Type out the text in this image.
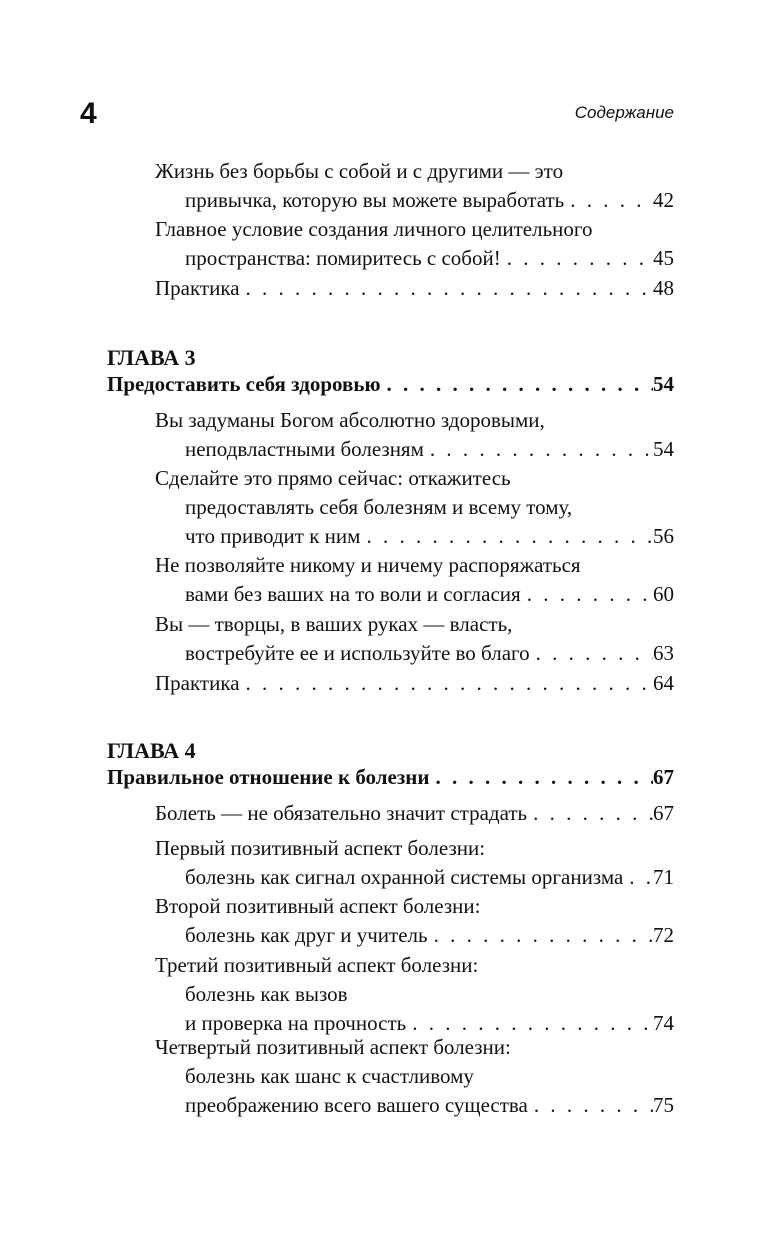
4	Содержание
Жизнь без борьбы с собой и с другими — это
привычка, которую вы можете выработать . . .	42
Главное условие создания личного целительного
пространства: помиритесь с собой! . . .	45
Практика . . .	48
ГЛАВА 3
Предоставить себя здоровью . . .	54
Вы задуманы Богом абсолютно здоровыми,
неподвластными болезням . . .	54
Сделайте это прямо сейчас: откажитесь
предоставлять себя болезням и всему тому,
что приводит к ним . . .	56
Не позволяйте никому и ничему распоряжаться
вами без ваших на то воли и согласия . . .	60
Вы — творцы, в ваших руках — власть,
востребуйте ее и используйте во благо . . .	63
Практика . . .	64
ГЛАВА 4
Правильное отношение к болезни . . .	67
Болеть — не обязательно значит страдать . . .	67
Первый позитивный аспект болезни:
болезнь как сигнал охранной системы организма . . . 71
Второй позитивный аспект болезни:
болезнь как друг и учитель . . .	72
Третий позитивный аспект болезни:
болезнь как вызов
и проверка на прочность . . .	74
Четвертый позитивный аспект болезни:
болезнь как шанс к счастливому
преображению всего вашего существа . . .	75
